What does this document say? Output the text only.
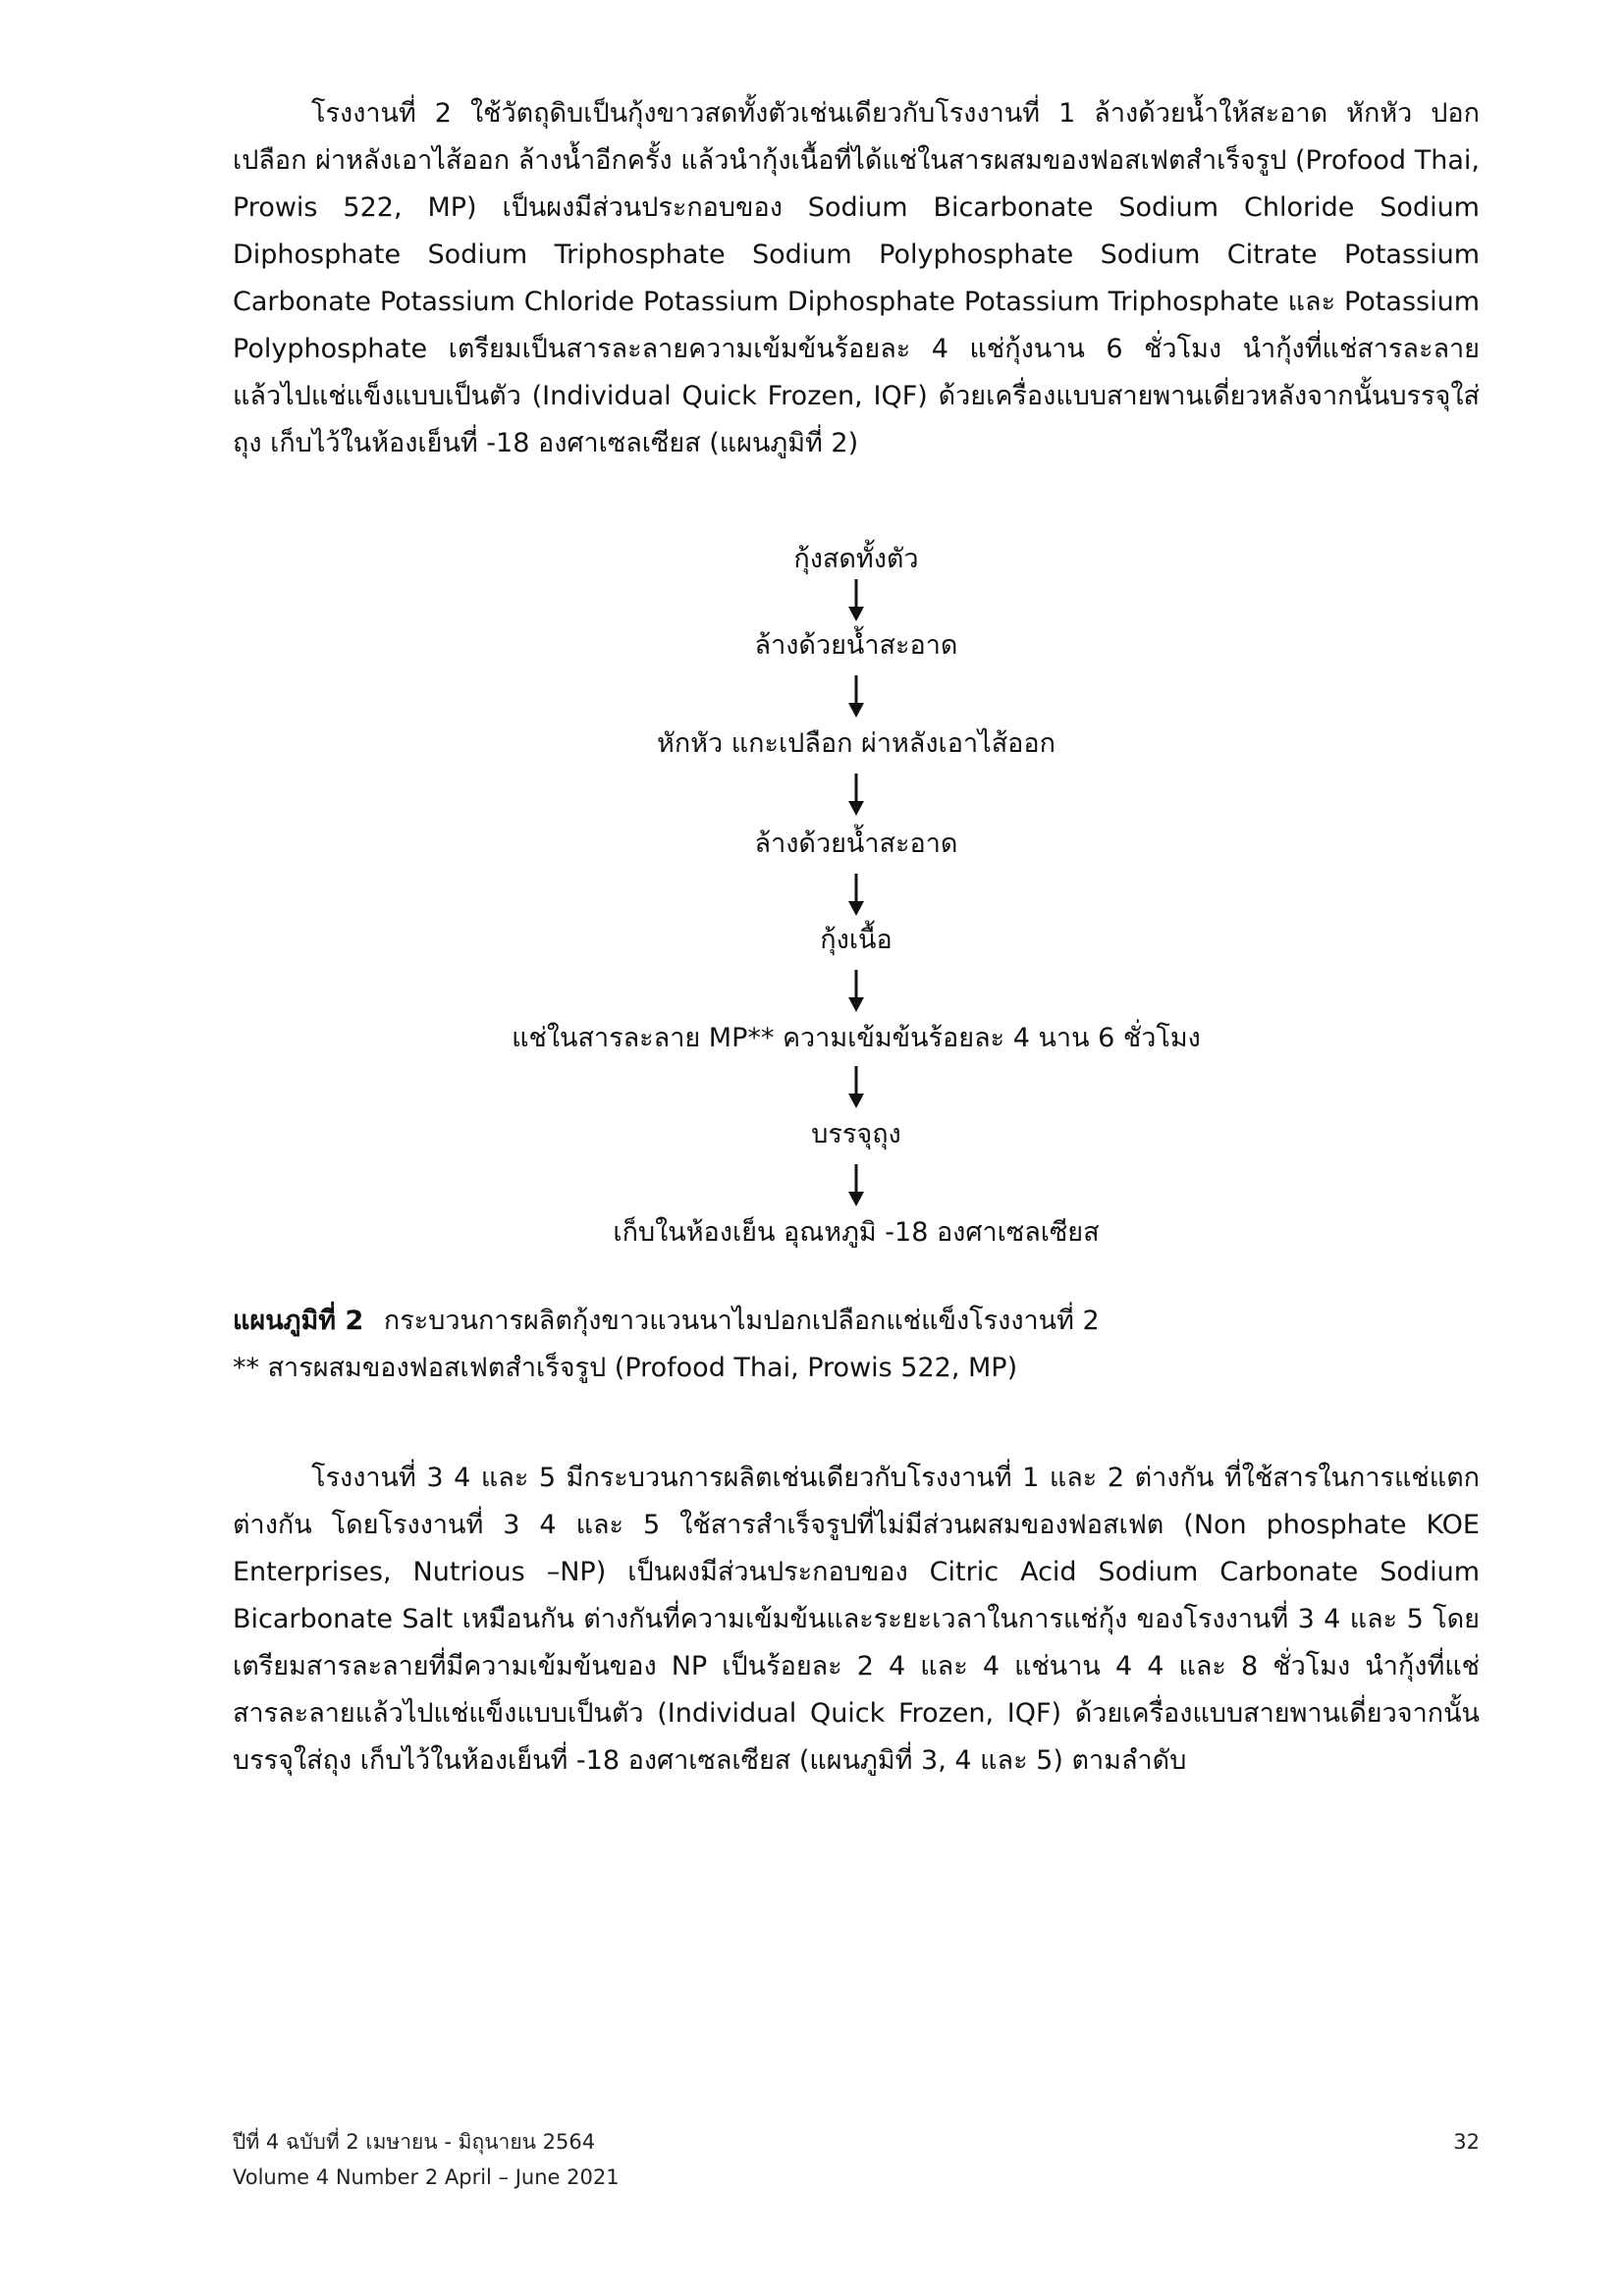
โรงงานที่ 2 ใช้วัตถุดิบเป็นกุ้งขาวสดทั้งตัวเช่นเดียวกับโรงงานที่ 1 ล้างด้วยน้ำให้สะอาด หักหัว ปอกเปลือก ผ่าหลังเอาไส้ออก ล้างน้ำอีกครั้ง แล้วนำกุ้งเนื้อที่ได้แช่ในสารผสมของฟอสเฟตสำเร็จรูป (Profood Thai, Prowis 522, MP) เป็นผงมีส่วนประกอบของ Sodium Bicarbonate Sodium Chloride Sodium Diphosphate Sodium Triphosphate Sodium Polyphosphate Sodium Citrate Potassium Carbonate Potassium Chloride Potassium Diphosphate Potassium Triphosphate และ Potassium Polyphosphate เตรียมเป็นสารละลายความเข้มข้นร้อยละ 4 แช่กุ้งนาน 6 ชั่วโมง นำกุ้งที่แช่สารละลายแล้วไปแช่แข็งแบบเป็นตัว (Individual Quick Frozen, IQF) ด้วยเครื่องแบบสายพานเดี่ยวหลังจากนั้นบรรจุใส่ถุง เก็บไว้ในห้องเย็นที่ -18 องศาเซลเซียส (แผนภูมิที่ 2)

กุ้งสดทั้งตัว
ล้างด้วยน้ำสะอาด
หักหัว แกะเปลือก ผ่าหลังเอาไส้ออก
ล้างด้วยน้ำสะอาด
กุ้งเนื้อ
แช่ในสารละลาย MP** ความเข้มข้นร้อยละ 4 นาน 6 ชั่วโมง
บรรจุถุง
เก็บในห้องเย็น อุณหภูมิ -18 องศาเซลเซียส
แผนภูมิที่ 2 กระบวนการผลิตกุ้งขาวแวนนาไมปอกเปลือกแช่แข็งโรงงานที่ 2
** สารผสมของฟอสเฟตสำเร็จรูป (Profood Thai, Prowis 522, MP)

โรงงานที่ 3 4 และ 5 มีกระบวนการผลิตเช่นเดียวกับโรงงานที่ 1 และ 2 ต่างกัน ที่ใช้สารในการแช่แตกต่างกัน โดยโรงงานที่ 3 4 และ 5 ใช้สารสำเร็จรูปที่ไม่มีส่วนผสมของฟอสเฟต (Non phosphate KOE Enterprises, Nutrious –NP) เป็นผงมีส่วนประกอบของ Citric Acid Sodium Carbonate Sodium Bicarbonate Salt เหมือนกัน ต่างกันที่ความเข้มข้นและระยะเวลาในการแช่กุ้ง ของโรงงานที่ 3 4 และ 5 โดยเตรียมสารละลายที่มีความเข้มข้นของ NP เป็นร้อยละ 2 4 และ 4 แช่นาน 4 4 และ 8 ชั่วโมง นำกุ้งที่แช่สารละลายแล้วไปแช่แข็งแบบเป็นตัว (Individual Quick Frozen, IQF) ด้วยเครื่องแบบสายพานเดี่ยวจากนั้นบรรจุใส่ถุง เก็บไว้ในห้องเย็นที่ -18 องศาเซลเซียส (แผนภูมิที่ 3, 4 และ 5) ตามลำดับ

ปีที่ 4 ฉบับที่ 2 เมษายน - มิถุนายน 2564
Volume 4 Number 2 April – June 2021
32
